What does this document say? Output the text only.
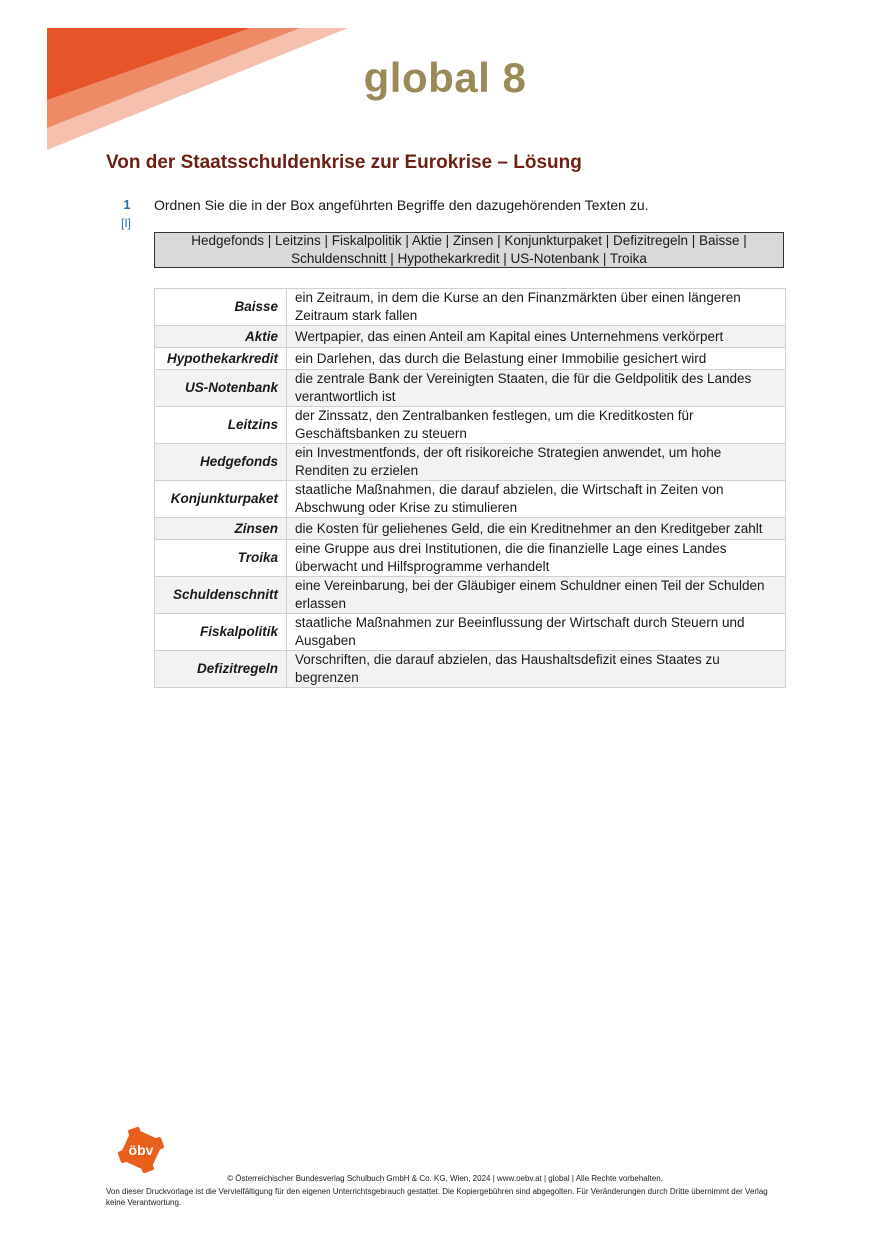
global 8
Von der Staatsschuldenkrise zur Eurokrise – Lösung
1
[I]
Ordnen Sie die in der Box angeführten Begriffe den dazugehörenden Texten zu.
Hedgefonds | Leitzins | Fiskalpolitik | Aktie | Zinsen | Konjunkturpaket | Defizitregeln | Baisse |
Schuldenschnitt | Hypothekarkredit | US-Notenbank | Troika
Baisse	ein Zeitraum, in dem die Kurse an den Finanzmärkten über einen längeren Zeitraum stark fallen
Aktie	Wertpapier, das einen Anteil am Kapital eines Unternehmens verkörpert
Hypothekarkredit	ein Darlehen, das durch die Belastung einer Immobilie gesichert wird
US-Notenbank	die zentrale Bank der Vereinigten Staaten, die für die Geldpolitik des Landes verantwortlich ist
Leitzins	der Zinssatz, den Zentralbanken festlegen, um die Kreditkosten für Geschäftsbanken zu steuern
Hedgefonds	ein Investmentfonds, der oft risikoreiche Strategien anwendet, um hohe Renditen zu erzielen
Konjunkturpaket	staatliche Maßnahmen, die darauf abzielen, die Wirtschaft in Zeiten von Abschwung oder Krise zu stimulieren
Zinsen	die Kosten für geliehenes Geld, die ein Kreditnehmer an den Kreditgeber zahlt
Troika	eine Gruppe aus drei Institutionen, die die finanzielle Lage eines Landes überwacht und Hilfsprogramme verhandelt
Schuldenschnitt	eine Vereinbarung, bei der Gläubiger einem Schuldner einen Teil der Schulden erlassen
Fiskalpolitik	staatliche Maßnahmen zur Beeinflussung der Wirtschaft durch Steuern und Ausgaben
Defizitregeln	Vorschriften, die darauf abzielen, das Haushaltsdefizit eines Staates zu begrenzen
öbv
© Österreichischer Bundesverlag Schulbuch GmbH & Co. KG, Wien, 2024 | www.oebv.at | global | Alle Rechte vorbehalten.
Von dieser Druckvorlage ist die Vervielfältigung für den eigenen Unterrichtsgebrauch gestattet. Die Kopiergebühren sind abgegolten. Für Veränderungen durch Dritte übernimmt der Verlag keine Verantwortung.
